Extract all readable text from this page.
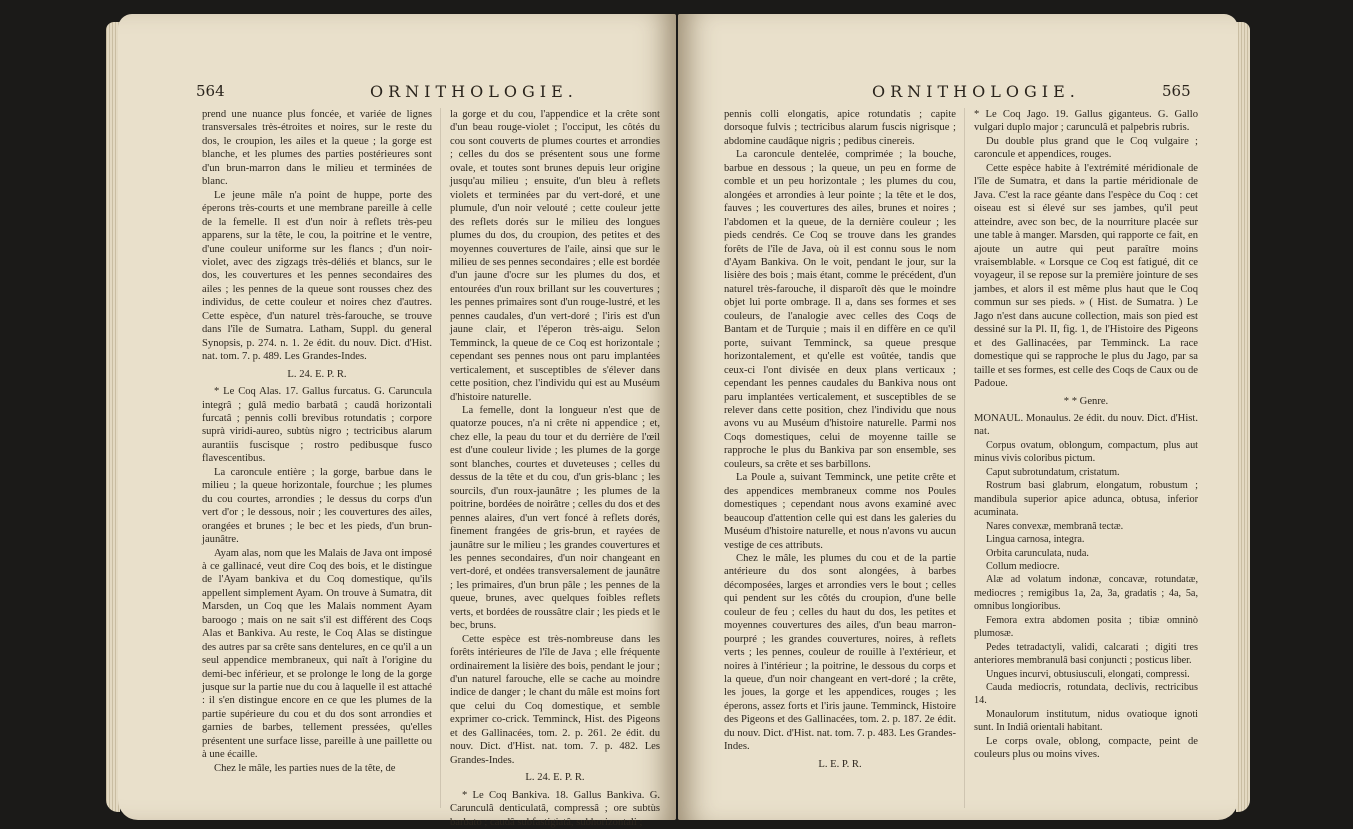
564	ORNITHOLOGIE.

prend une nuance plus foncée, et variée de lignes transversales très-étroites et noires, sur le reste du dos, le croupion, les ailes et la queue ; la gorge est blanche, et les plumes des parties postérieures sont d'un brun-marron dans le milieu et terminées de blanc.

Le jeune mâle n'a point de huppe, porte des éperons très-courts et une membrane pareille à celle de la femelle. Il est d'un noir à reflets très-peu apparens, sur la tête, le cou, la poitrine et le ventre, d'une couleur uniforme sur les flancs ; d'un noir-violet, avec des zigzags très-déliés et blancs, sur le dos, les couvertures et les pennes secondaires des ailes ; les pennes de la queue sont rousses chez des individus, de cette couleur et noires chez d'autres. Cette espèce, d'un naturel très-farouche, se trouve dans l'île de Sumatra. Latham, Suppl. du general Synopsis, p. 274. n. 1. 2e édit. du nouv. Dict. d'Hist. nat. tom. 7. p. 489. Les Grandes-Indes.

L. 24. E. P. R.

* Le Coq Alas. 17. Gallus furcatus. G. Caruncula integrâ ; gulâ medio barbatâ ; caudâ horizontali furcatâ ; pennis colli brevibus rotundatis ; corpore suprà viridi-aureo, subtùs nigro ; tectricibus alarum aurantiis fuscisque ; rostro pedibusque fusco flavescentibus.

La caroncule entière ; la gorge, barbue dans le milieu ; la queue horizontale, fourchue ; les plumes du cou courtes, arrondies ; le dessus du corps d'un vert d'or ; le dessous, noir ; les couvertures des ailes, orangées et brunes ; le bec et les pieds, d'un brun-jaunâtre.

Ayam alas, nom que les Malais de Java ont imposé à ce gallinacé, veut dire Coq des bois, et le distingue de l'Ayam bankiva et du Coq domestique, qu'ils appellent simplement Ayam. On trouve à Sumatra, dit Marsden, un Coq que les Malais nomment Ayam baroogo ; mais on ne sait s'il est différent des Coqs Alas et Bankiva. Au reste, le Coq Alas se distingue des autres par sa crête sans dentelures, en ce qu'il a un seul appendice membraneux, qui naît à l'origine du demi-bec inférieur, et se prolonge le long de la gorge jusque sur la partie nue du cou à laquelle il est attaché : il s'en distingue encore en ce que les plumes de la partie supérieure du cou et du dos sont arrondies et garnies de barbes, tellement pressées, qu'elles présentent une surface lisse, pareille à une paillette ou à une écaille.

Chez le mâle, les parties nues de la tête, de

la gorge et du cou, l'appendice et la crête sont d'un beau rouge-violet ; l'occiput, les côtés du cou sont couverts de plumes courtes et arrondies ; celles du dos se présentent sous une forme ovale, et toutes sont brunes depuis leur origine jusqu'au milieu ; ensuite, d'un bleu à reflets violets et terminées par du vert-doré, et une plumule, d'un noir velouté ; cette couleur jette des reflets dorés sur le milieu des longues plumes du dos, du croupion, des petites et des moyennes couvertures de l'aile, ainsi que sur le milieu de ses pennes secondaires ; elle est bordée d'un jaune d'ocre sur les plumes du dos, et entourées d'un roux brillant sur les couvertures ; les pennes primaires sont d'un rouge-lustré, et les pennes caudales, d'un vert-doré ; l'iris est d'un jaune clair, et l'éperon très-aigu. Selon Temminck, la queue de ce Coq est horizontale ; cependant ses pennes nous ont paru implantées verticalement, et susceptibles de s'élever dans cette position, chez l'individu qui est au Muséum d'histoire naturelle.

La femelle, dont la longueur n'est que de quatorze pouces, n'a ni crête ni appendice ; et, chez elle, la peau du tour et du derrière de l'œil est d'une couleur livide ; les plumes de la gorge sont blanches, courtes et duveteuses ; celles du dessus de la tête et du cou, d'un gris-blanc ; les sourcils, d'un roux-jaunâtre ; les plumes de la poitrine, bordées de noirâtre ; celles du dos et des pennes alaires, d'un vert foncé à reflets dorés, finement frangées de gris-brun, et rayées de jaunâtre sur le milieu ; les grandes couvertures et les pennes secondaires, d'un noir changeant en vert-doré, et ondées transversalement de jaunâtre ; les primaires, d'un brun pâle ; les pennes de la queue, brunes, avec quelques foibles reflets verts, et bordées de roussâtre clair ; les pieds et le bec, bruns.

Cette espèce est très-nombreuse dans les forêts intérieures de l'île de Java ; elle fréquente ordinairement la lisière des bois, pendant le jour ; d'un naturel farouche, elle se cache au moindre indice de danger ; le chant du mâle est moins fort que celui du Coq domestique, et semble exprimer co-crick. Temminck, Hist. des Pigeons et des Gallinacées, tom. 2. p. 261. 2e édit. du nouv. Dict. d'Hist. nat. tom. 7. p. 482. Les Grandes-Indes.

L. 24. E. P. R.

* Le Coq Bankiva. 18. Gallus Bankiva. G. Carunculâ denticulatâ, compressâ ; ore subtùs barbato ; caudâ subfastigiatâ, subhorizontali ;

ORNITHOLOGIE.	565

pennis colli elongatis, apice rotundatis ; capite dorsoque fulvis ; tectricibus alarum fuscis nigrisque ; abdomine caudâque nigris ; pedibus cinereis.

La caroncule dentelée, comprimée ; la bouche, barbue en dessous ; la queue, un peu en forme de comble et un peu horizontale ; les plumes du cou, alongées et arrondies à leur pointe ; la tête et le dos, fauves ; les couvertures des ailes, brunes et noires ; l'abdomen et la queue, de la dernière couleur ; les pieds cendrés. Ce Coq se trouve dans les grandes forêts de l'île de Java, où il est connu sous le nom d'Ayam Bankiva. On le voit, pendant le jour, sur la lisière des bois ; mais étant, comme le précédent, d'un naturel très-farouche, il disparoît dès que le moindre objet lui porte ombrage. Il a, dans ses formes et ses couleurs, de l'analogie avec celles des Coqs de Bantam et de Turquie ; mais il en diffère en ce qu'il porte, suivant Temminck, sa queue presque horizontalement, et qu'elle est voûtée, tandis que ceux-ci l'ont divisée en deux plans verticaux ; cependant les pennes caudales du Bankiva nous ont paru implantées verticalement, et susceptibles de se relever dans cette position, chez l'individu que nous avons vu au Muséum d'histoire naturelle. Parmi nos Coqs domestiques, celui de moyenne taille se rapproche le plus du Bankiva par son ensemble, ses couleurs, sa crête et ses barbillons.

La Poule a, suivant Temminck, une petite crête et des appendices membraneux comme nos Poules domestiques ; cependant nous avons examiné avec beaucoup d'attention celle qui est dans les galeries du Muséum d'histoire naturelle, et nous n'avons vu aucun vestige de ces attributs.

Chez le mâle, les plumes du cou et de la partie antérieure du dos sont alongées, à barbes décomposées, larges et arrondies vers le bout ; celles qui pendent sur les côtés du croupion, d'une belle couleur de feu ; celles du haut du dos, les petites et moyennes couvertures des ailes, d'un beau marron-pourpré ; les grandes couvertures, noires, à reflets verts ; les pennes, couleur de rouille à l'extérieur, et noires à l'intérieur ; la poitrine, le dessous du corps et la queue, d'un noir changeant en vert-doré ; la crête, les joues, la gorge et les appendices, rouges ; les éperons, assez forts et l'iris jaune. Temminck, Histoire des Pigeons et des Gallinacées, tom. 2. p. 187. 2e édit. du nouv. Dict. d'Hist. nat. tom. 7. p. 483. Les Grandes-Indes.

L. E. P. R.

* Le Coq Jago. 19. Gallus giganteus. G. Gallo vulgari duplo major ; carunculâ et palpebris rubris.

Du double plus grand que le Coq vulgaire ; caroncule et appendices, rouges.

Cette espèce habite à l'extrémité méridionale de l'île de Sumatra, et dans la partie méridionale de Java. C'est la race géante dans l'espèce du Coq : cet oiseau est si élevé sur ses jambes, qu'il peut atteindre, avec son bec, de la nourriture placée sur une table à manger. Marsden, qui rapporte ce fait, en ajoute un autre qui peut paraître moins vraisemblable. « Lorsque ce Coq est fatigué, dit ce voyageur, il se repose sur la première jointure de ses jambes, et alors il est même plus haut que le Coq commun sur ses pieds. » ( Hist. de Sumatra. ) Le Jago n'est dans aucune collection, mais son pied est dessiné sur la Pl. II, fig. 1, de l'Histoire des Pigeons et des Gallinacées, par Temminck. La race domestique qui se rapproche le plus du Jago, par sa taille et ses formes, est celle des Coqs de Caux ou de Padoue.

* * Genre.

MONAUL. Monaulus. 2e édit. du nouv. Dict. d'Hist. nat.

Corpus ovatum, oblongum, compactum, plus aut minus vivis coloribus pictum.

Caput subrotundatum, cristatum.

Rostrum basi glabrum, elongatum, robustum ; mandibula superior apice adunca, obtusa, inferior acuminata.

Nares convexæ, membranâ tectæ.

Lingua carnosa, integra.

Orbita carunculata, nuda.

Collum mediocre.

Alæ ad volatum indonæ, concavæ, rotundatæ, mediocres ; remigibus 1a, 2a, 3a, gradatis ; 4a, 5a, omnibus longioribus.

Femora extra abdomen posita ; tibiæ omninò plumosæ.

Pedes tetradactyli, validi, calcarati ; digiti tres anteriores membranulâ basi conjuncti ; posticus liber.

Ungues incurvi, obtusiusculi, elongati, compressi.

Cauda mediocris, rotundata, declivis, rectricibus 14.

Monaulorum institutum, nidus ovatioque ignoti sunt. In Indiâ orientali habitant.

Le corps ovale, oblong, compacte, peint de couleurs plus ou moins vives.
